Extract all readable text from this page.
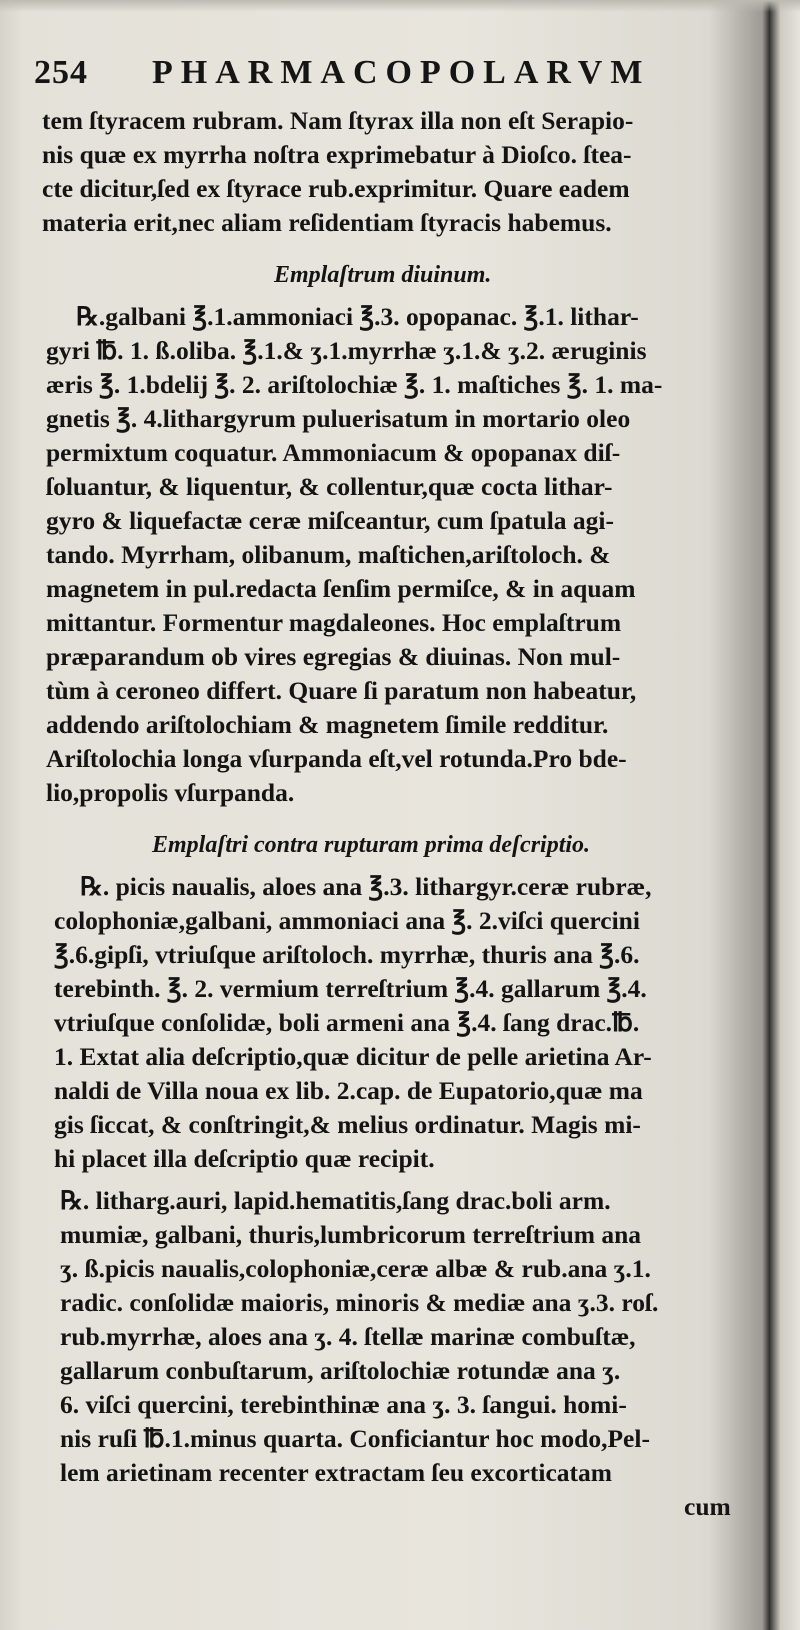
254 PHARMACOPOLARVM
tem ſtyracem rubram. Nam ſtyrax illa non eſt Serapio-
nis quæ ex myrrha noſtra exprimebatur à Dioſco. ſtea-
cte dicitur,ſed ex ſtyrace rub.exprimitur. Quare eadem
materia erit,nec aliam reſidentiam ſtyracis habemus.
Emplaſtrum diuinum.
℞.galbani ℥.1.ammoniaci ℥.3. opopanac. ℥.1. lithar-
gyri ℔. 1. ß.oliba. ℥.1.& ʒ.1.myrrhæ ʒ.1.& ʒ.2. æruginis
æris ℥. 1.bdelij ℥. 2. ariſtolochiæ ℥. 1. maſtiches ℥. 1. ma-
gnetis ℥. 4.lithargyrum puluerisatum in mortario oleo
permixtum coquatur. Ammoniacum & opopanax diſ-
ſoluantur, & liquentur, & collentur,quæ cocta lithar-
gyro & liquefactæ ceræ miſceantur, cum ſpatula agi-
tando. Myrrham, olibanum, maſtichen,ariſtoloch. &
magnetem in pul.redacta ſenſim permiſce, & in aquam
mittantur. Formentur magdaleones. Hoc emplaſtrum
præparandum ob vires egregias & diuinas. Non mul-
tùm à ceroneo differt. Quare ſi paratum non habeatur,
addendo ariſtolochiam & magnetem ſimile redditur.
Ariſtolochia longa vſurpanda eſt,vel rotunda.Pro bde-
lio,propolis vſurpanda.
Emplaſtri contra rupturam prima deſcriptio.
℞. picis naualis, aloes ana ℥.3. lithargyr.ceræ rubræ,
colophoniæ,galbani, ammoniaci ana ℥. 2.viſci quercini
℥.6.gipſi, vtriuſque ariſtoloch. myrrhæ, thuris ana ℥.6.
terebinth. ℥. 2. vermium terreſtrium ℥.4. gallarum ℥.4.
vtriuſque conſolidæ, boli armeni ana ℥.4. ſang drac.℔.
1. Extat alia deſcriptio,quæ dicitur de pelle arietina Ar-
naldi de Villa noua ex lib. 2.cap. de Eupatorio,quæ ma
gis ſiccat, & conſtringit,& melius ordinatur. Magis mi-
hi placet illa deſcriptio quæ recipit.
℞. litharg.auri, lapid.hematitis,ſang drac.boli arm.
mumiæ, galbani, thuris,lumbricorum terreſtrium ana
ʒ. ß.picis naualis,colophoniæ,ceræ albæ & rub.ana ʒ.1.
radic. conſolidæ maioris, minoris & mediæ ana ʒ.3. roſ.
rub.myrrhæ, aloes ana ʒ. 4. ſtellæ marinæ combuſtæ,
gallarum conbuſtarum, ariſtolochiæ rotundæ ana ʒ.
6. viſci quercini, terebinthinæ ana ʒ. 3. ſangui. homi-
nis ruſi ℔.1.minus quarta. Conficiantur hoc modo,Pel-
lem arietinam recenter extractam ſeu excorticatam
cum
